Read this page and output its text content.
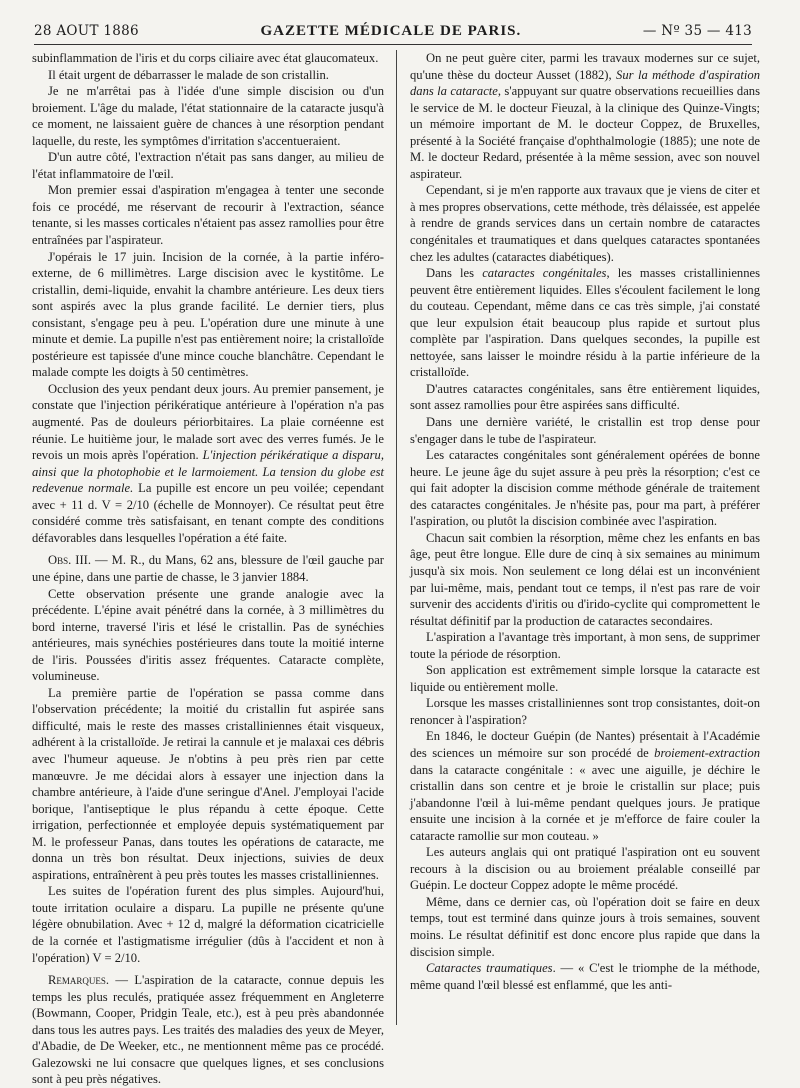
28 AOUT 1886	GAZETTE MÉDICALE DE PARIS.	— Nº 35 — 413

subinflammation de l'iris et du corps ciliaire avec état glaucomateux.

Il était urgent de débarrasser le malade de son cristallin.

Je ne m'arrêtai pas à l'idée d'une simple discision ou d'un broiement. L'âge du malade, l'état stationnaire de la cataracte jusqu'à ce moment, ne laissaient guère de chances à une résorption pendant laquelle, du reste, les symptômes d'irritation s'accentueraient.

D'un autre côté, l'extraction n'était pas sans danger, au milieu de l'état inflammatoire de l'œil.

Mon premier essai d'aspiration m'engagea à tenter une seconde fois ce procédé, me réservant de recourir à l'extraction, séance tenante, si les masses corticales n'étaient pas assez ramollies pour être entraînées par l'aspirateur.

J'opérais le 17 juin. Incision de la cornée, à la partie inféro-externe, de 6 millimètres. Large discision avec le kystitôme. Le cristallin, demi-liquide, envahit la chambre antérieure. Les deux tiers sont aspirés avec la plus grande facilité. Le dernier tiers, plus consistant, s'engage peu à peu. L'opération dure une minute à une minute et demie. La pupille n'est pas entièrement noire; la cristalloïde postérieure est tapissée d'une mince couche blanchâtre. Cependant le malade compte les doigts à 50 centimètres.

Occlusion des yeux pendant deux jours. Au premier pansement, je constate que l'injection périkératique antérieure à l'opération n'a pas augmenté. Pas de douleurs périorbitaires. La plaie cornéenne est réunie. Le huitième jour, le malade sort avec des verres fumés. Je le revois un mois après l'opération. L'injection périkératique a disparu, ainsi que la photophobie et le larmoiement. La tension du globe est redevenue normale. La pupille est encore un peu voilée; cependant avec + 11 d. V = 2/10 (échelle de Monnoyer). Ce résultat peut être considéré comme très satisfaisant, en tenant compte des conditions défavorables dans lesquelles l'opération a été faite.

Obs. III. — M. R., du Mans, 62 ans, blessure de l'œil gauche par une épine, dans une partie de chasse, le 3 janvier 1884.

Cette observation présente une grande analogie avec la précédente. L'épine avait pénétré dans la cornée, à 3 millimètres du bord interne, traversé l'iris et lésé le cristallin. Pas de synéchies antérieures, mais synéchies postérieures dans toute la moitié interne de l'iris. Poussées d'iritis assez fréquentes. Cataracte complète, volumineuse.

La première partie de l'opération se passa comme dans l'observation précédente; la moitié du cristallin fut aspirée sans difficulté, mais le reste des masses cristalliniennes était visqueux, adhérent à la cristalloïde. Je retirai la cannule et je malaxai ces débris avec l'humeur aqueuse. Je n'obtins à peu près rien par cette manœuvre. Je me décidai alors à essayer une injection dans la chambre antérieure, à l'aide d'une seringue d'Anel. J'employai l'acide borique, l'antiseptique le plus répandu à cette époque. Cette irrigation, perfectionnée et employée depuis systématiquement par M. le professeur Panas, dans toutes les opérations de cataracte, me donna un très bon résultat. Deux injections, suivies de deux aspirations, entraînèrent à peu près toutes les masses cristalliniennes.

Les suites de l'opération furent des plus simples. Aujourd'hui, toute irritation oculaire a disparu. La pupille ne présente qu'une légère obnubilation. Avec + 12 d, malgré la déformation cicatricielle de la cornée et l'astigmatisme irrégulier (dûs à l'accident et non à l'opération) V = 2/10.

Remarques. — L'aspiration de la cataracte, connue depuis les temps les plus reculés, pratiquée assez fréquemment en Angleterre (Bowmann, Cooper, Pridgin Teale, etc.), est à peu près abandonnée dans tous les autres pays. Les traités des maladies des yeux de Meyer, d'Abadie, de De Weeker, etc., ne mentionnent même pas ce procédé. Galezowski ne lui consacre que quelques lignes, et ses conclusions sont à peu près négatives.

On ne peut guère citer, parmi les travaux modernes sur ce sujet, qu'une thèse du docteur Ausset (1882), Sur la méthode d'aspiration dans la cataracte, s'appuyant sur quatre observations recueillies dans le service de M. le docteur Fieuzal, à la clinique des Quinze-Vingts; un mémoire important de M. le docteur Coppez, de Bruxelles, présenté à la Société française d'ophthalmologie (1885); une note de M. le docteur Redard, présentée à la même session, avec son nouvel aspirateur.

Cependant, si je m'en rapporte aux travaux que je viens de citer et à mes propres observations, cette méthode, très délaissée, est appelée à rendre de grands services dans un certain nombre de cataractes congénitales et traumatiques et dans quelques cataractes spontanées chez les adultes (cataractes diabétiques).

Dans les cataractes congénitales, les masses cristalliniennes peuvent être entièrement liquides. Elles s'écoulent facilement le long du couteau. Cependant, même dans ce cas très simple, j'ai constaté que leur expulsion était beaucoup plus rapide et surtout plus complète par l'aspiration. Dans quelques secondes, la pupille est nettoyée, sans laisser le moindre résidu à la partie inférieure de la cristalloïde.

D'autres cataractes congénitales, sans être entièrement liquides, sont assez ramollies pour être aspirées sans difficulté.

Dans une dernière variété, le cristallin est trop dense pour s'engager dans le tube de l'aspirateur.

Les cataractes congénitales sont généralement opérées de bonne heure. Le jeune âge du sujet assure à peu près la résorption; c'est ce qui fait adopter la discision comme méthode générale de traitement des cataractes congénitales. Je n'hésite pas, pour ma part, à préférer l'aspiration, ou plutôt la discision combinée avec l'aspiration.

Chacun sait combien la résorption, même chez les enfants en bas âge, peut être longue. Elle dure de cinq à six semaines au minimum jusqu'à six mois. Non seulement ce long délai est un inconvénient par lui-même, mais, pendant tout ce temps, il n'est pas rare de voir survenir des accidents d'iritis ou d'irido-cyclite qui compromettent le résultat définitif par la production de cataractes secondaires.

L'aspiration a l'avantage très important, à mon sens, de supprimer toute la période de résorption.

Son application est extrêmement simple lorsque la cataracte est liquide ou entièrement molle.

Lorsque les masses cristalliniennes sont trop consistantes, doit-on renoncer à l'aspiration?

En 1846, le docteur Guépin (de Nantes) présentait à l'Académie des sciences un mémoire sur son procédé de broiement-extraction dans la cataracte congénitale : « avec une aiguille, je déchire le cristallin dans son centre et je broie le cristallin sur place; puis j'abandonne l'œil à lui-même pendant quelques jours. Je pratique ensuite une incision à la cornée et je m'efforce de faire couler la cataracte ramollie sur mon couteau. »

Les auteurs anglais qui ont pratiqué l'aspiration ont eu souvent recours à la discision ou au broiement préalable conseillé par Guépin. Le docteur Coppez adopte le même procédé.

Même, dans ce dernier cas, où l'opération doit se faire en deux temps, tout est terminé dans quinze jours à trois semaines, souvent moins. Le résultat définitif est donc encore plus rapide que dans la discision simple.

Cataractes traumatiques. — « C'est le triomphe de la méthode, même quand l'œil blessé est enflammé, que les anti-
